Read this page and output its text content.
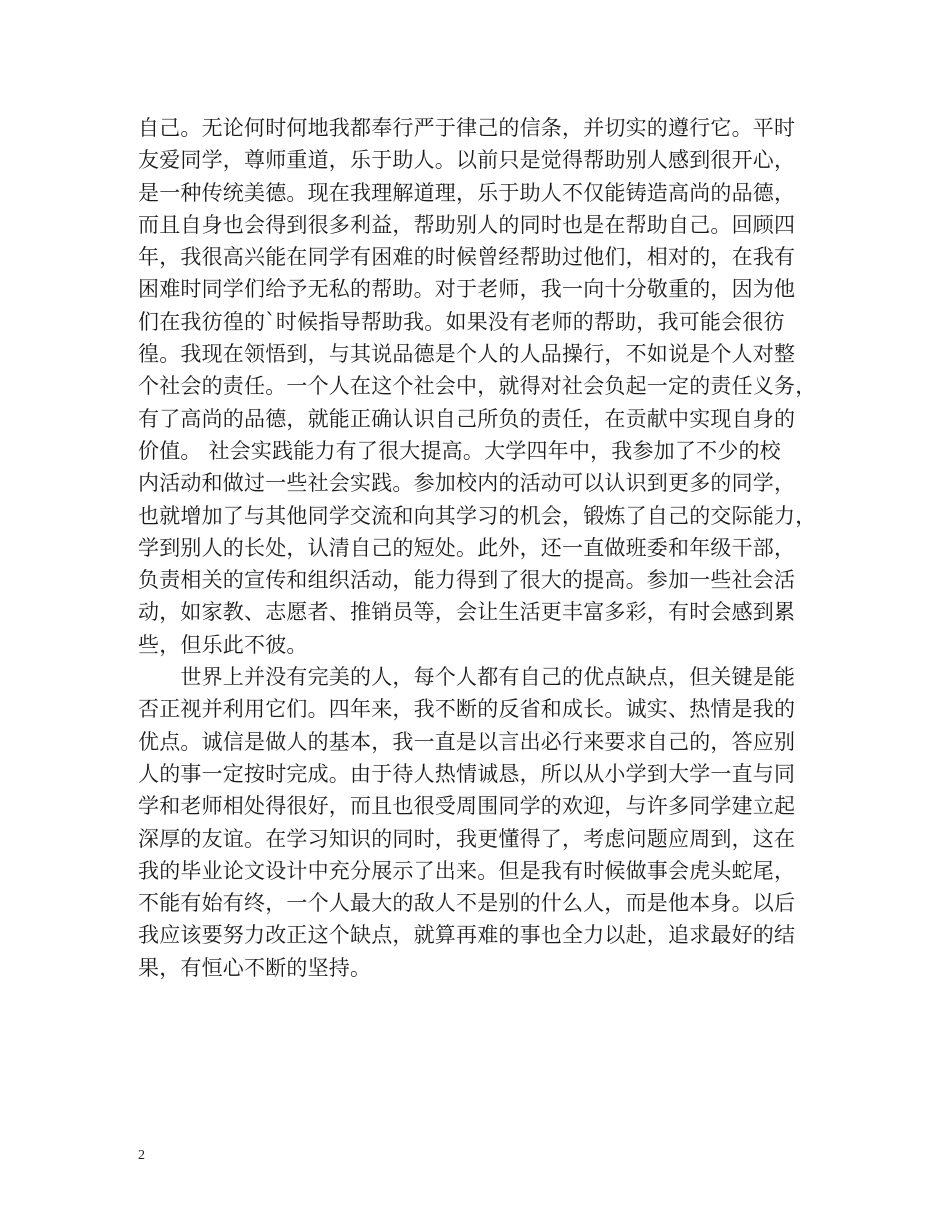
自己。无论何时何地我都奉行严于律己的信条，并切实的遵行它。平时
友爱同学，尊师重道，乐于助人。以前只是觉得帮助别人感到很开心，
是一种传统美德。现在我理解道理，乐于助人不仅能铸造高尚的品德，
而且自身也会得到很多利益，帮助别人的同时也是在帮助自己。回顾四
年，我很高兴能在同学有困难的时候曾经帮助过他们，相对的，在我有
困难时同学们给予无私的帮助。对于老师，我一向十分敬重的，因为他
们在我彷徨的`时候指导帮助我。如果没有老师的帮助，我可能会很彷
徨。我现在领悟到，与其说品德是个人的人品操行，不如说是个人对整
个社会的责任。一个人在这个社会中，就得对社会负起一定的责任义务，
有了高尚的品德，就能正确认识自己所负的责任，在贡献中实现自身的
价值。 社会实践能力有了很大提高。大学四年中，我参加了不少的校
内活动和做过一些社会实践。参加校内的活动可以认识到更多的同学，
也就增加了与其他同学交流和向其学习的机会，锻炼了自己的交际能力，
学到别人的长处，认清自己的短处。此外，还一直做班委和年级干部，
负责相关的宣传和组织活动，能力得到了很大的提高。参加一些社会活
动，如家教、志愿者、推销员等，会让生活更丰富多彩，有时会感到累
些，但乐此不彼。
　　世界上并没有完美的人，每个人都有自己的优点缺点，但关键是能
否正视并利用它们。四年来，我不断的反省和成长。诚实、热情是我的
优点。诚信是做人的基本，我一直是以言出必行来要求自己的，答应别
人的事一定按时完成。由于待人热情诚恳，所以从小学到大学一直与同
学和老师相处得很好，而且也很受周围同学的欢迎，与许多同学建立起
深厚的友谊。在学习知识的同时，我更懂得了，考虑问题应周到，这在
我的毕业论文设计中充分展示了出来。但是我有时候做事会虎头蛇尾，
不能有始有终，一个人最大的敌人不是别的什么人，而是他本身。以后
我应该要努力改正这个缺点，就算再难的事也全力以赴，追求最好的结
果，有恒心不断的坚持。
2
